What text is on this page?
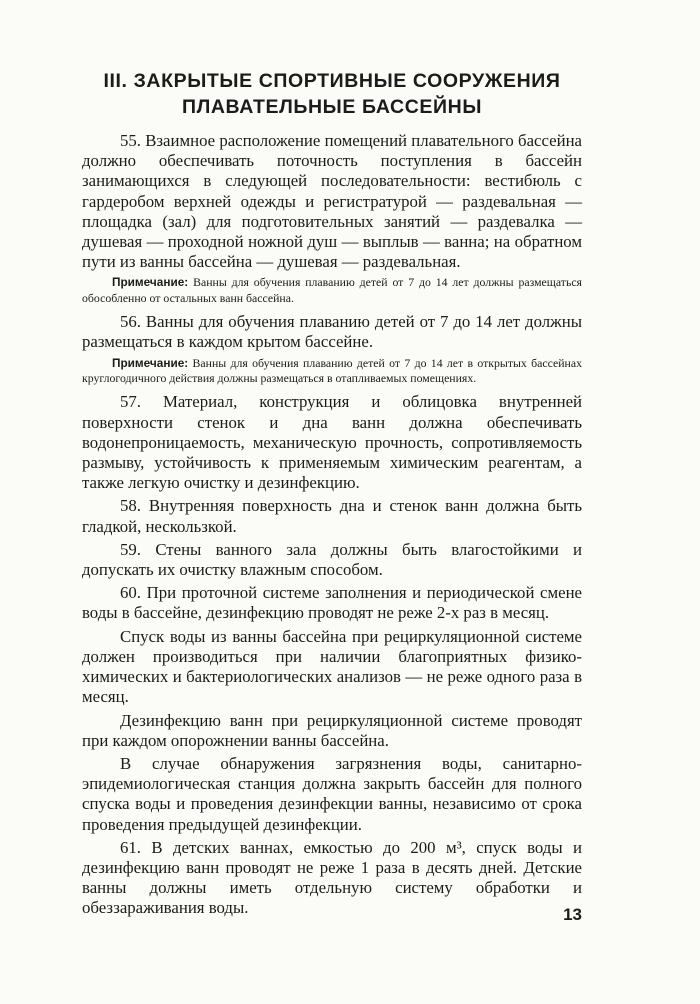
III. ЗАКРЫТЫЕ СПОРТИВНЫЕ СООРУЖЕНИЯ
ПЛАВАТЕЛЬНЫЕ БАССЕЙНЫ

55. Взаимное расположение помещений плавательного бассейна должно обеспечивать поточность поступления в бассейн занимающихся в следующей последовательности: вестибюль с гардеробом верхней одежды и регистратурой — раздевальная — площадка (зал) для подготовительных занятий — раздевалка — душевая — проходной ножной душ — выплыв — ванна; на обратном пути из ванны бассейна — душевая — раздевальная.

Примечание: Ванны для обучения плаванию детей от 7 до 14 лет должны размещаться обособленно от остальных ванн бассейна.

56. Ванны для обучения плаванию детей от 7 до 14 лет должны размещаться в каждом крытом бассейне.

Примечание: Ванны для обучения плаванию детей от 7 до 14 лет в открытых бассейнах круглогодичного действия должны размещаться в отапливаемых помещениях.

57. Материал, конструкция и облицовка внутренней поверхности стенок и дна ванн должна обеспечивать водонепроницаемость, механическую прочность, сопротивляемость размыву, устойчивость к применяемым химическим реагентам, а также легкую очистку и дезинфекцию.

58. Внутренняя поверхность дна и стенок ванн должна быть гладкой, нескользкой.

59. Стены ванного зала должны быть влагостойкими и допускать их очистку влажным способом.

60. При проточной системе заполнения и периодической смене воды в бассейне, дезинфекцию проводят не реже 2-х раз в месяц.

Спуск воды из ванны бассейна при рециркуляционной системе должен производиться при наличии благоприятных физико-химических и бактериологических анализов — не реже одного раза в месяц.

Дезинфекцию ванн при рециркуляционной системе проводят при каждом опорожнении ванны бассейна.

В случае обнаружения загрязнения воды, санитарно-эпидемиологическая станция должна закрыть бассейн для полного спуска воды и проведения дезинфекции ванны, независимо от срока проведения предыдущей дезинфекции.

61. В детских ваннах, емкостью до 200 м³, спуск воды и дезинфекцию ванн проводят не реже 1 раза в десять дней. Детские ванны должны иметь отдельную систему обработки и обеззараживания воды.	13
